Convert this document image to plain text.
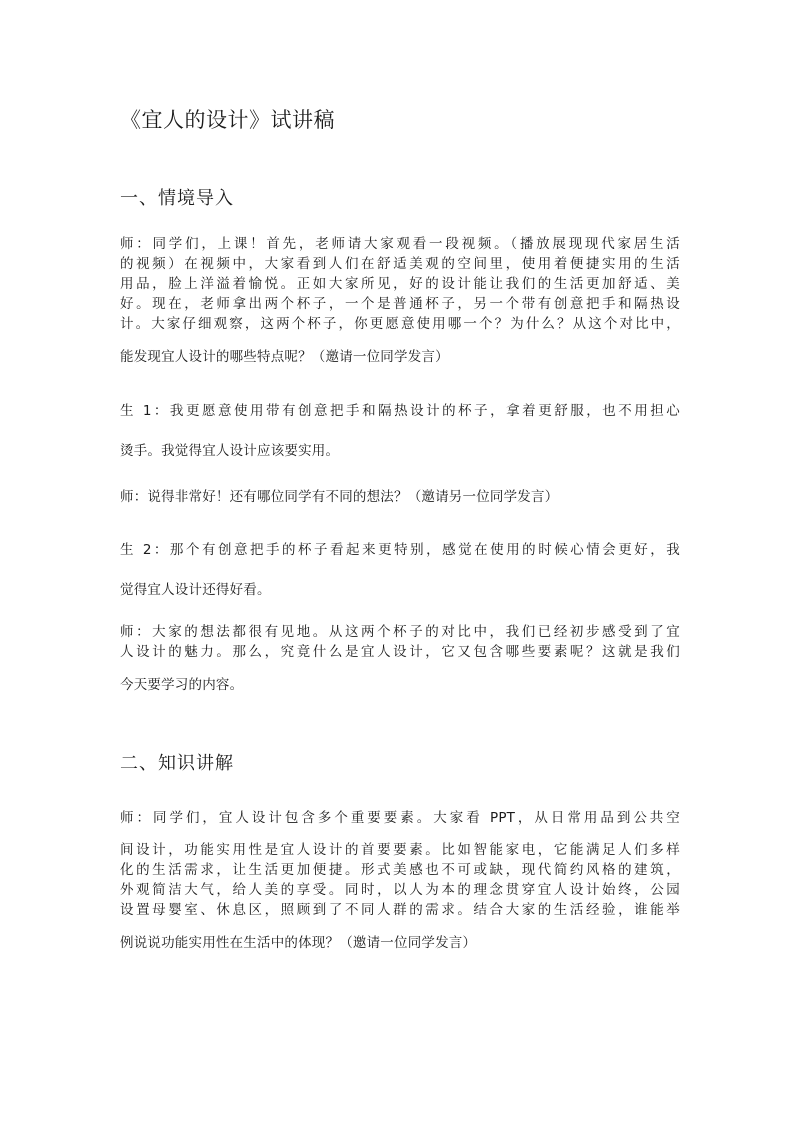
《宜人的设计》试讲稿
一、情境导入
师：同学们，上课！首先，老师请大家观看一段视频。（播放展现现代家居生活
的视频）在视频中，大家看到人们在舒适美观的空间里，使用着便捷实用的生活
用品，脸上洋溢着愉悦。正如大家所见，好的设计能让我们的生活更加舒适、美
好。现在，老师拿出两个杯子，一个是普通杯子，另一个带有创意把手和隔热设
计。大家仔细观察，这两个杯子，你更愿意使用哪一个？为什么？从这个对比中，
能发现宜人设计的哪些特点呢？（邀请一位同学发言）
生 1：我更愿意使用带有创意把手和隔热设计的杯子，拿着更舒服，也不用担心
烫手。我觉得宜人设计应该要实用。
师：说得非常好！还有哪位同学有不同的想法？（邀请另一位同学发言）
生 2：那个有创意把手的杯子看起来更特别，感觉在使用的时候心情会更好，我
觉得宜人设计还得好看。
师：大家的想法都很有见地。从这两个杯子的对比中，我们已经初步感受到了宜
人设计的魅力。那么，究竟什么是宜人设计，它又包含哪些要素呢？这就是我们
今天要学习的内容。
二、知识讲解
师：同学们，宜人设计包含多个重要要素。大家看 PPT，从日常用品到公共空
间设计，功能实用性是宜人设计的首要要素。比如智能家电，它能满足人们多样
化的生活需求，让生活更加便捷。形式美感也不可或缺，现代简约风格的建筑，
外观简洁大气，给人美的享受。同时，以人为本的理念贯穿宜人设计始终，公园
设置母婴室、休息区，照顾到了不同人群的需求。结合大家的生活经验，谁能举
例说说功能实用性在生活中的体现？（邀请一位同学发言）
